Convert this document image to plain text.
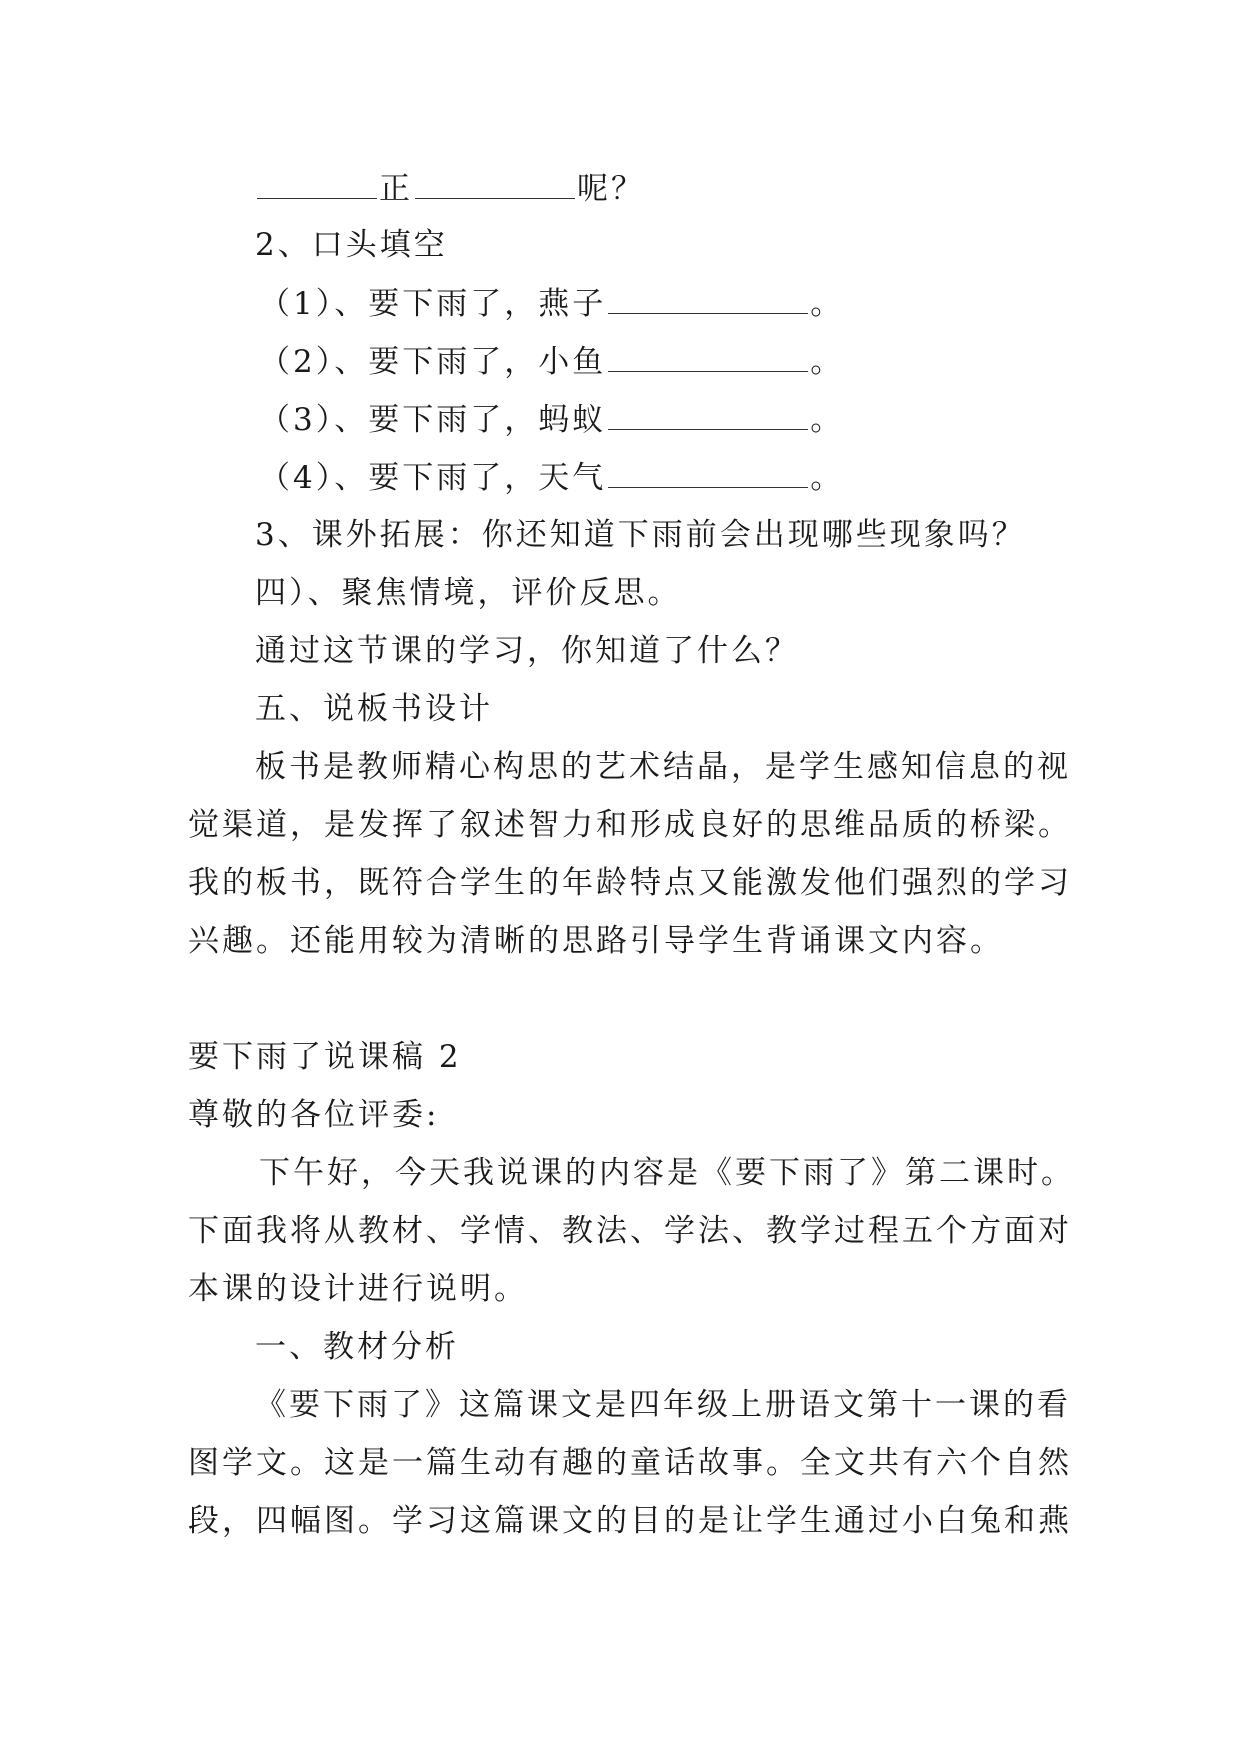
正	呢？
2、口头填空
（1）、要下雨了，燕子	。
（2）、要下雨了，小鱼	。
（3）、要下雨了，蚂蚁	。
（4）、要下雨了，天气	。
3、课外拓展：你还知道下雨前会出现哪些现象吗？
四）、聚焦情境，评价反思。
通过这节课的学习，你知道了什么？
五、说板书设计
板书是教师精心构思的艺术结晶，是学生感知信息的视
觉渠道，是发挥了叙述智力和形成良好的思维品质的桥梁。
我的板书，既符合学生的年龄特点又能激发他们强烈的学习
兴趣。还能用较为清晰的思路引导学生背诵课文内容。
要下雨了说课稿 2
尊敬的各位评委:
下午好，今天我说课的内容是《要下雨了》第二课时。
下面我将从教材、学情、教法、学法、教学过程五个方面对
本课的设计进行说明。
一、教材分析
《要下雨了》这篇课文是四年级上册语文第十一课的看
图学文。这是一篇生动有趣的童话故事。全文共有六个自然
段，四幅图。学习这篇课文的目的是让学生通过小白兔和燕
